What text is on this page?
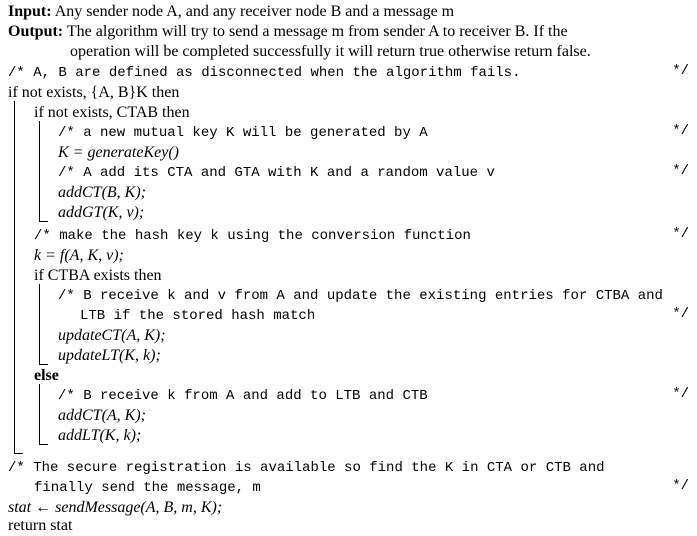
Input: Any sender node A, and any receiver node B and a message m
Output: The algorithm will try to send a message m from sender A to receiver B. If the
operation will be completed successfully it will return true otherwise return false.
/* A, B are defined as disconnected when the algorithm fails.	*/
if not exists, {A, B}K then
if not exists, CTAB then
/* a new mutual key K will be generated by A	*/
K = generateKey()
/* A add its CTA and GTA with K and a random value v	*/
addCT(B, K);
addGT(K, v);
/* make the hash key k using the conversion function	*/
k = f(A, K, v);
if CTBA exists then
/* B receive k and v from A and update the existing entries for CTBA and
LTB if the stored hash match	*/
updateCT(A, K);
updateLT(K, k);
else
/* B receive k from A and add to LTB and CTB	*/
addCT(A, K);
addLT(K, k);
/* The secure registration is available so find the K in CTA or CTB and
finally send the message, m	*/
stat ← sendMessage(A, B, m, K);
return stat
